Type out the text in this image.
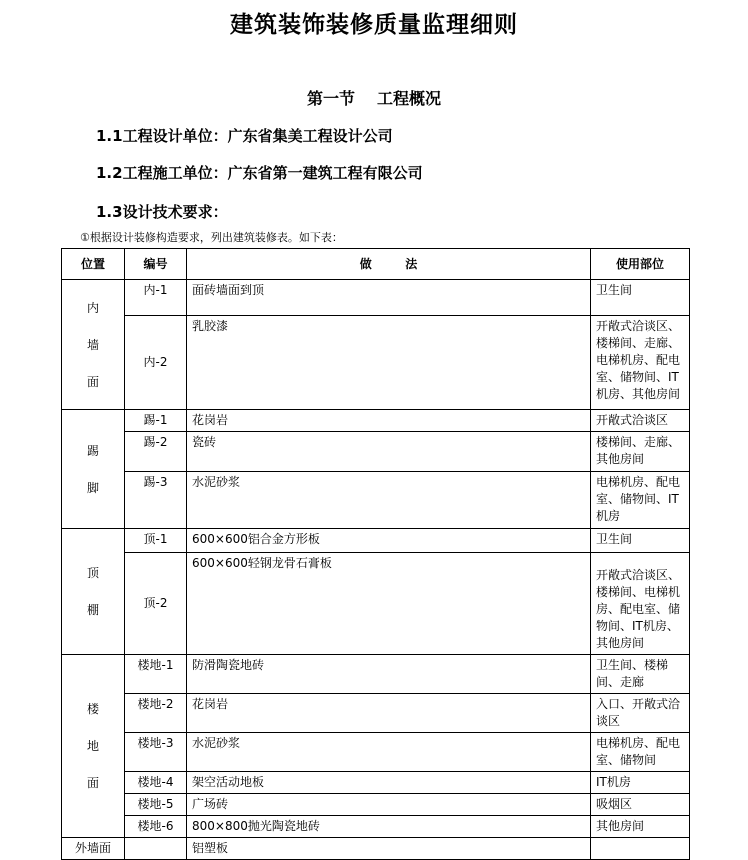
建筑装饰装修质量监理细则
第一节 工程概况
1.1工程设计单位：广东省集美工程设计公司
1.2工程施工单位：广东省第一建筑工程有限公司
1.3设计技术要求：
①根据设计装修构造要求，列出建筑装修表。如下表：
位置	编号	做        法	使用部位

内
墙
面	内-1	面砖墙面到顶	卫生间
	内-2	乳胶漆	开敞式洽谈区、楼梯间、走廊、电梯机房、配电室、储物间、IT机房、其他房间

踢
脚	踢-1	花岗岩	开敞式洽谈区
	踢-2	瓷砖	楼梯间、走廊、其他房间
	踢-3	水泥砂浆	电梯机房、配电室、储物间、IT机房

顶
棚	顶-1	600×600铝合金方形板	卫生间
	顶-2	600×600轻钢龙骨石膏板	开敞式洽谈区、楼梯间、电梯机房、配电室、储物间、IT机房、其他房间

楼
地
面	楼地-1	防滑陶瓷地砖	卫生间、楼梯间、走廊
	楼地-2	花岗岩	入口、开敞式洽谈区
	楼地-3	水泥砂浆	电梯机房、配电室、储物间
	楼地-4	架空活动地板	IT机房
	楼地-5	广场砖	吸烟区
	楼地-6	800×800抛光陶瓷地砖	其他房间
外墙面		铝塑板	
